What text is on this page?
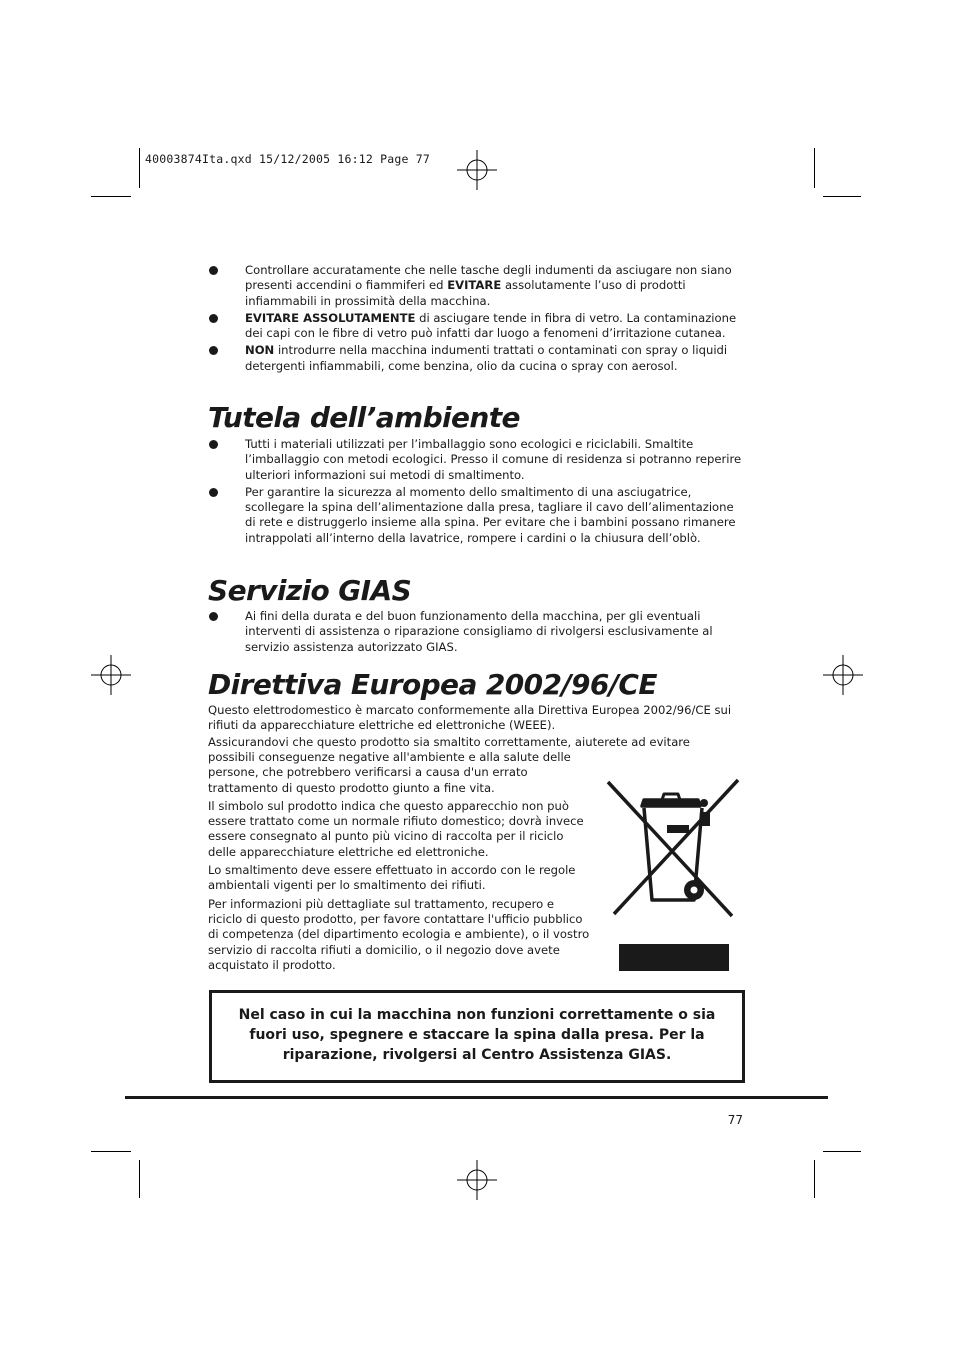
40003874Ita.qxd 15/12/2005 16:12 Page 77
Controllare accuratamente che nelle tasche degli indumenti da asciugare non siano presenti accendini o fiammiferi ed EVITARE assolutamente l’uso di prodotti infiammabili in prossimità della macchina.
EVITARE ASSOLUTAMENTE di asciugare tende in fibra di vetro. La contaminazione dei capi con le fibre di vetro può infatti dar luogo a fenomeni d’irritazione cutanea.
NON introdurre nella macchina indumenti trattati o contaminati con spray o liquidi detergenti infiammabili, come benzina, olio da cucina o spray con aerosol.
Tutela dell’ambiente
Tutti i materiali utilizzati per l’imballaggio sono ecologici e riciclabili. Smaltite l’imballaggio con metodi ecologici. Presso il comune di residenza si potranno reperire ulteriori informazioni sui metodi di smaltimento.
Per garantire la sicurezza al momento dello smaltimento di una asciugatrice, scollegare la spina dell’alimentazione dalla presa, tagliare il cavo dell’alimentazione di rete e distruggerlo insieme alla spina. Per evitare che i bambini possano rimanere intrappolati all’interno della lavatrice, rompere i cardini o la chiusura dell’oblò.
Servizio GIAS
Ai fini della durata e del buon funzionamento della macchina, per gli eventuali interventi di assistenza o riparazione consigliamo di rivolgersi esclusivamente al servizio assistenza autorizzato GIAS.
Direttiva Europea 2002/96/CE

Questo elettrodomestico è marcato conformemente alla Direttiva Europea 2002/96/CE sui rifiuti da apparecchiature elettriche ed elettroniche (WEEE).

Assicurandovi che questo prodotto sia smaltito correttamente, aiuterete ad evitare

possibili conseguenze negative all'ambiente e alla salute delle persone, che potrebbero verificarsi a causa d'un errato trattamento di questo prodotto giunto a fine vita.

Il simbolo sul prodotto indica che questo apparecchio non può essere trattato come un normale rifiuto domestico; dovrà invece essere consegnato al punto più vicino di raccolta per il riciclo delle apparecchiature elettriche ed elettroniche.

Lo smaltimento deve essere effettuato in accordo con le regole ambientali vigenti per lo smaltimento dei rifiuti.

Per informazioni più dettagliate sul trattamento, recupero e riciclo di questo prodotto, per favore contattare l'ufficio pubblico di competenza (del dipartimento ecologia e ambiente), o il vostro servizio di raccolta rifiuti a domicilio, o il negozio dove avete acquistato il prodotto.

Nel caso in cui la macchina non funzioni correttamente o sia fuori uso, spegnere e staccare la spina dalla presa. Per la riparazione, rivolgersi al Centro Assistenza GIAS.
77
